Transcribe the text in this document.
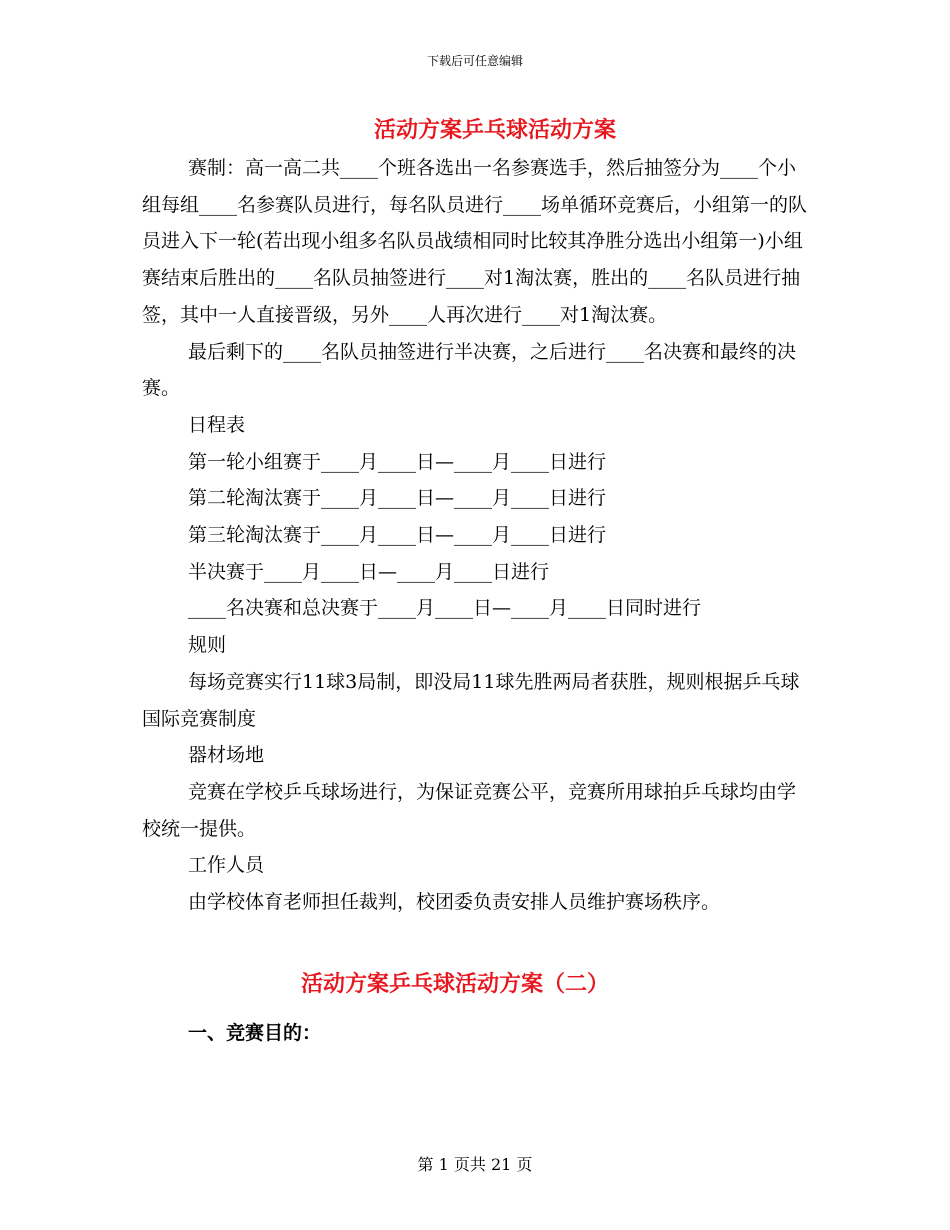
下载后可任意编辑
活动方案乒乓球活动方案

赛制：高一高二共____个班各选出一名参赛选手，然后抽签分为____个小组每组____名参赛队员进行，每名队员进行____场单循环竞赛后，小组第一的队员进入下一轮(若出现小组多名队员战绩相同时比较其净胜分选出小组第一)小组赛结束后胜出的____名队员抽签进行____对1淘汰赛，胜出的____名队员进行抽签，其中一人直接晋级，另外____人再次进行____对1淘汰赛。

最后剩下的____名队员抽签进行半决赛，之后进行____名决赛和最终的决赛。

日程表

第一轮小组赛于____月____日—____月____日进行

第二轮淘汰赛于____月____日—____月____日进行

第三轮淘汰赛于____月____日—____月____日进行

半决赛于____月____日—____月____日进行

____名决赛和总决赛于____月____日—____月____日同时进行

规则

每场竞赛实行11球3局制，即没局11球先胜两局者获胜，规则根据乒乓球国际竞赛制度

器材场地

竞赛在学校乒乓球场进行，为保证竞赛公平，竞赛所用球拍乒乓球均由学校统一提供。

工作人员

由学校体育老师担任裁判，校团委负责安排人员维护赛场秩序。

活动方案乒乓球活动方案（二）
一、竞赛目的：
第 1 页共 21 页
